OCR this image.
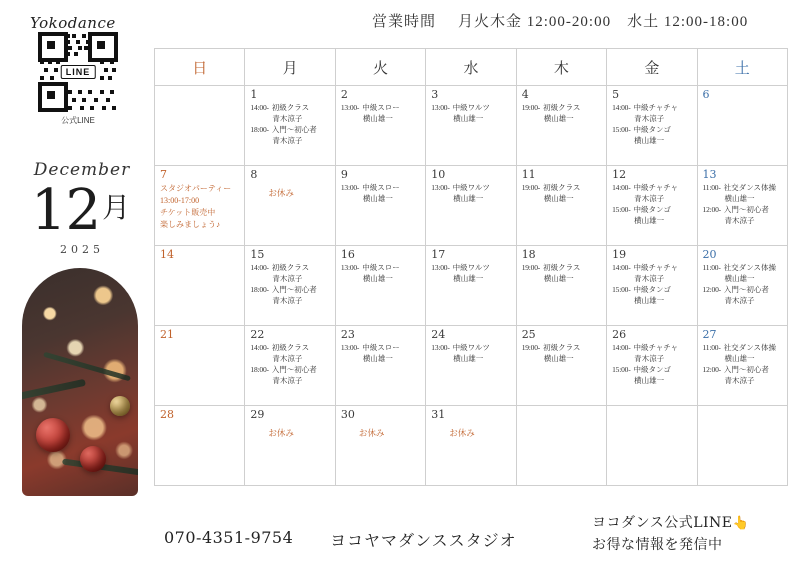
営業時間 月火木金 12:00-20:00 水土 12:00-18:00
Yokodance
LINE
公式LINE
December
$12^月$
2025
日	月	火	水	木	金	土

1
14:00- 初級クラス
青木涼子
18:00- 入門〜初心者
青木涼子

2
13:00- 中級スロー
横山雄一

3
13:00- 中級ワルツ
横山雄一

4
19:00- 初級クラス
横山雄一

5
14:00- 中級チャチャ
青木涼子
15:00- 中級タンゴ
横山雄一

6

7
スタジオパーティー
13:00-17:00
チケット販売中
楽しみましょう♪

8
お休み

9
13:00- 中級スロー
横山雄一

10
13:00- 中級ワルツ
横山雄一

11
19:00- 初級クラス
横山雄一

12
14:00- 中級チャチャ
青木涼子
15:00- 中級タンゴ
横山雄一

13
11:00- 社交ダンス体操
横山雄一
12:00- 入門〜初心者
青木涼子

14	15
14:00- 初級クラス
青木涼子
18:00- 入門〜初心者
青木涼子

16
13:00- 中級スロー
横山雄一

17
13:00- 中級ワルツ
横山雄一

18
19:00- 初級クラス
横山雄一

19
14:00- 中級チャチャ
青木涼子
15:00- 中級タンゴ
横山雄一

20
11:00- 社交ダンス体操
横山雄一
12:00- 入門〜初心者
青木涼子

21	22
14:00- 初級クラス
青木涼子
18:00- 入門〜初心者
青木涼子

23
13:00- 中級スロー
横山雄一

24
13:00- 中級ワルツ
横山雄一

25
19:00- 初級クラス
横山雄一

26
14:00- 中級チャチャ
青木涼子
15:00- 中級タンゴ
横山雄一

27
11:00- 社交ダンス体操
横山雄一
12:00- 入門〜初心者
青木涼子

28	29
お休み	30
お休み	31
お休み			

070-4351-9754 ヨコヤマダンススタジオ
ヨコダンス公式LINE👆
お得な情報を発信中
